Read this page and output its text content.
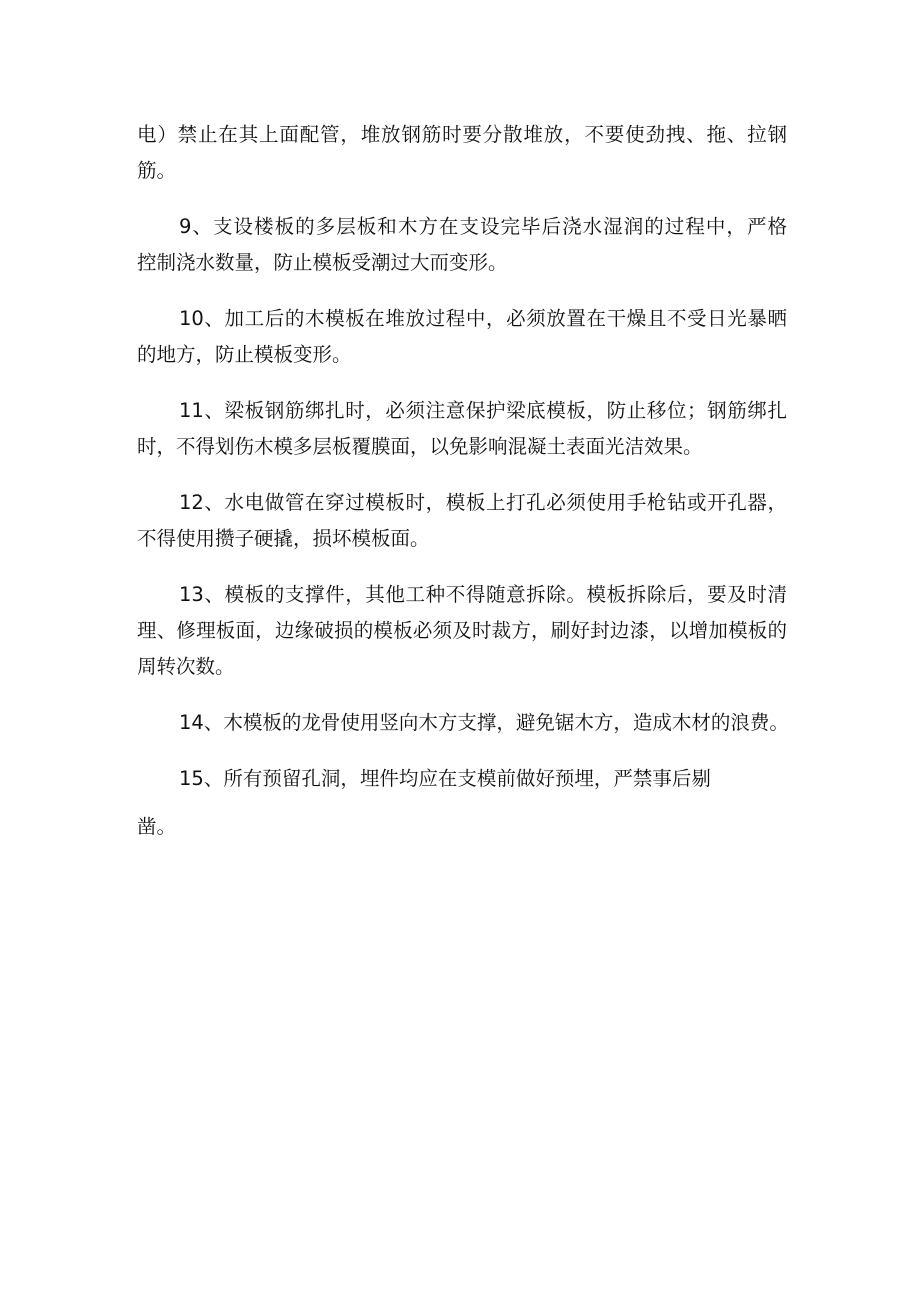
电）禁止在其上面配管，堆放钢筋时要分散堆放，不要使劲拽、拖、拉钢
筋。
9、支设楼板的多层板和木方在支设完毕后浇水湿润的过程中，严格
控制浇水数量，防止模板受潮过大而变形。
10、加工后的木模板在堆放过程中，必须放置在干燥且不受日光暴晒
的地方，防止模板变形。
11、梁板钢筋绑扎时，必须注意保护梁底模板，防止移位；钢筋绑扎
时，不得划伤木模多层板覆膜面，以免影响混凝土表面光洁效果。
12、水电做管在穿过模板时，模板上打孔必须使用手枪钻或开孔器，
不得使用攒子硬撬，损坏模板面。
13、模板的支撑件，其他工种不得随意拆除。模板拆除后，要及时清
理、修理板面，边缘破损的模板必须及时裁方，刷好封边漆，以增加模板的
周转次数。
14、木模板的龙骨使用竖向木方支撑，避免锯木方，造成木材的浪费。
15、所有预留孔洞，埋件均应在支模前做好预埋，严禁事后剔
凿。
